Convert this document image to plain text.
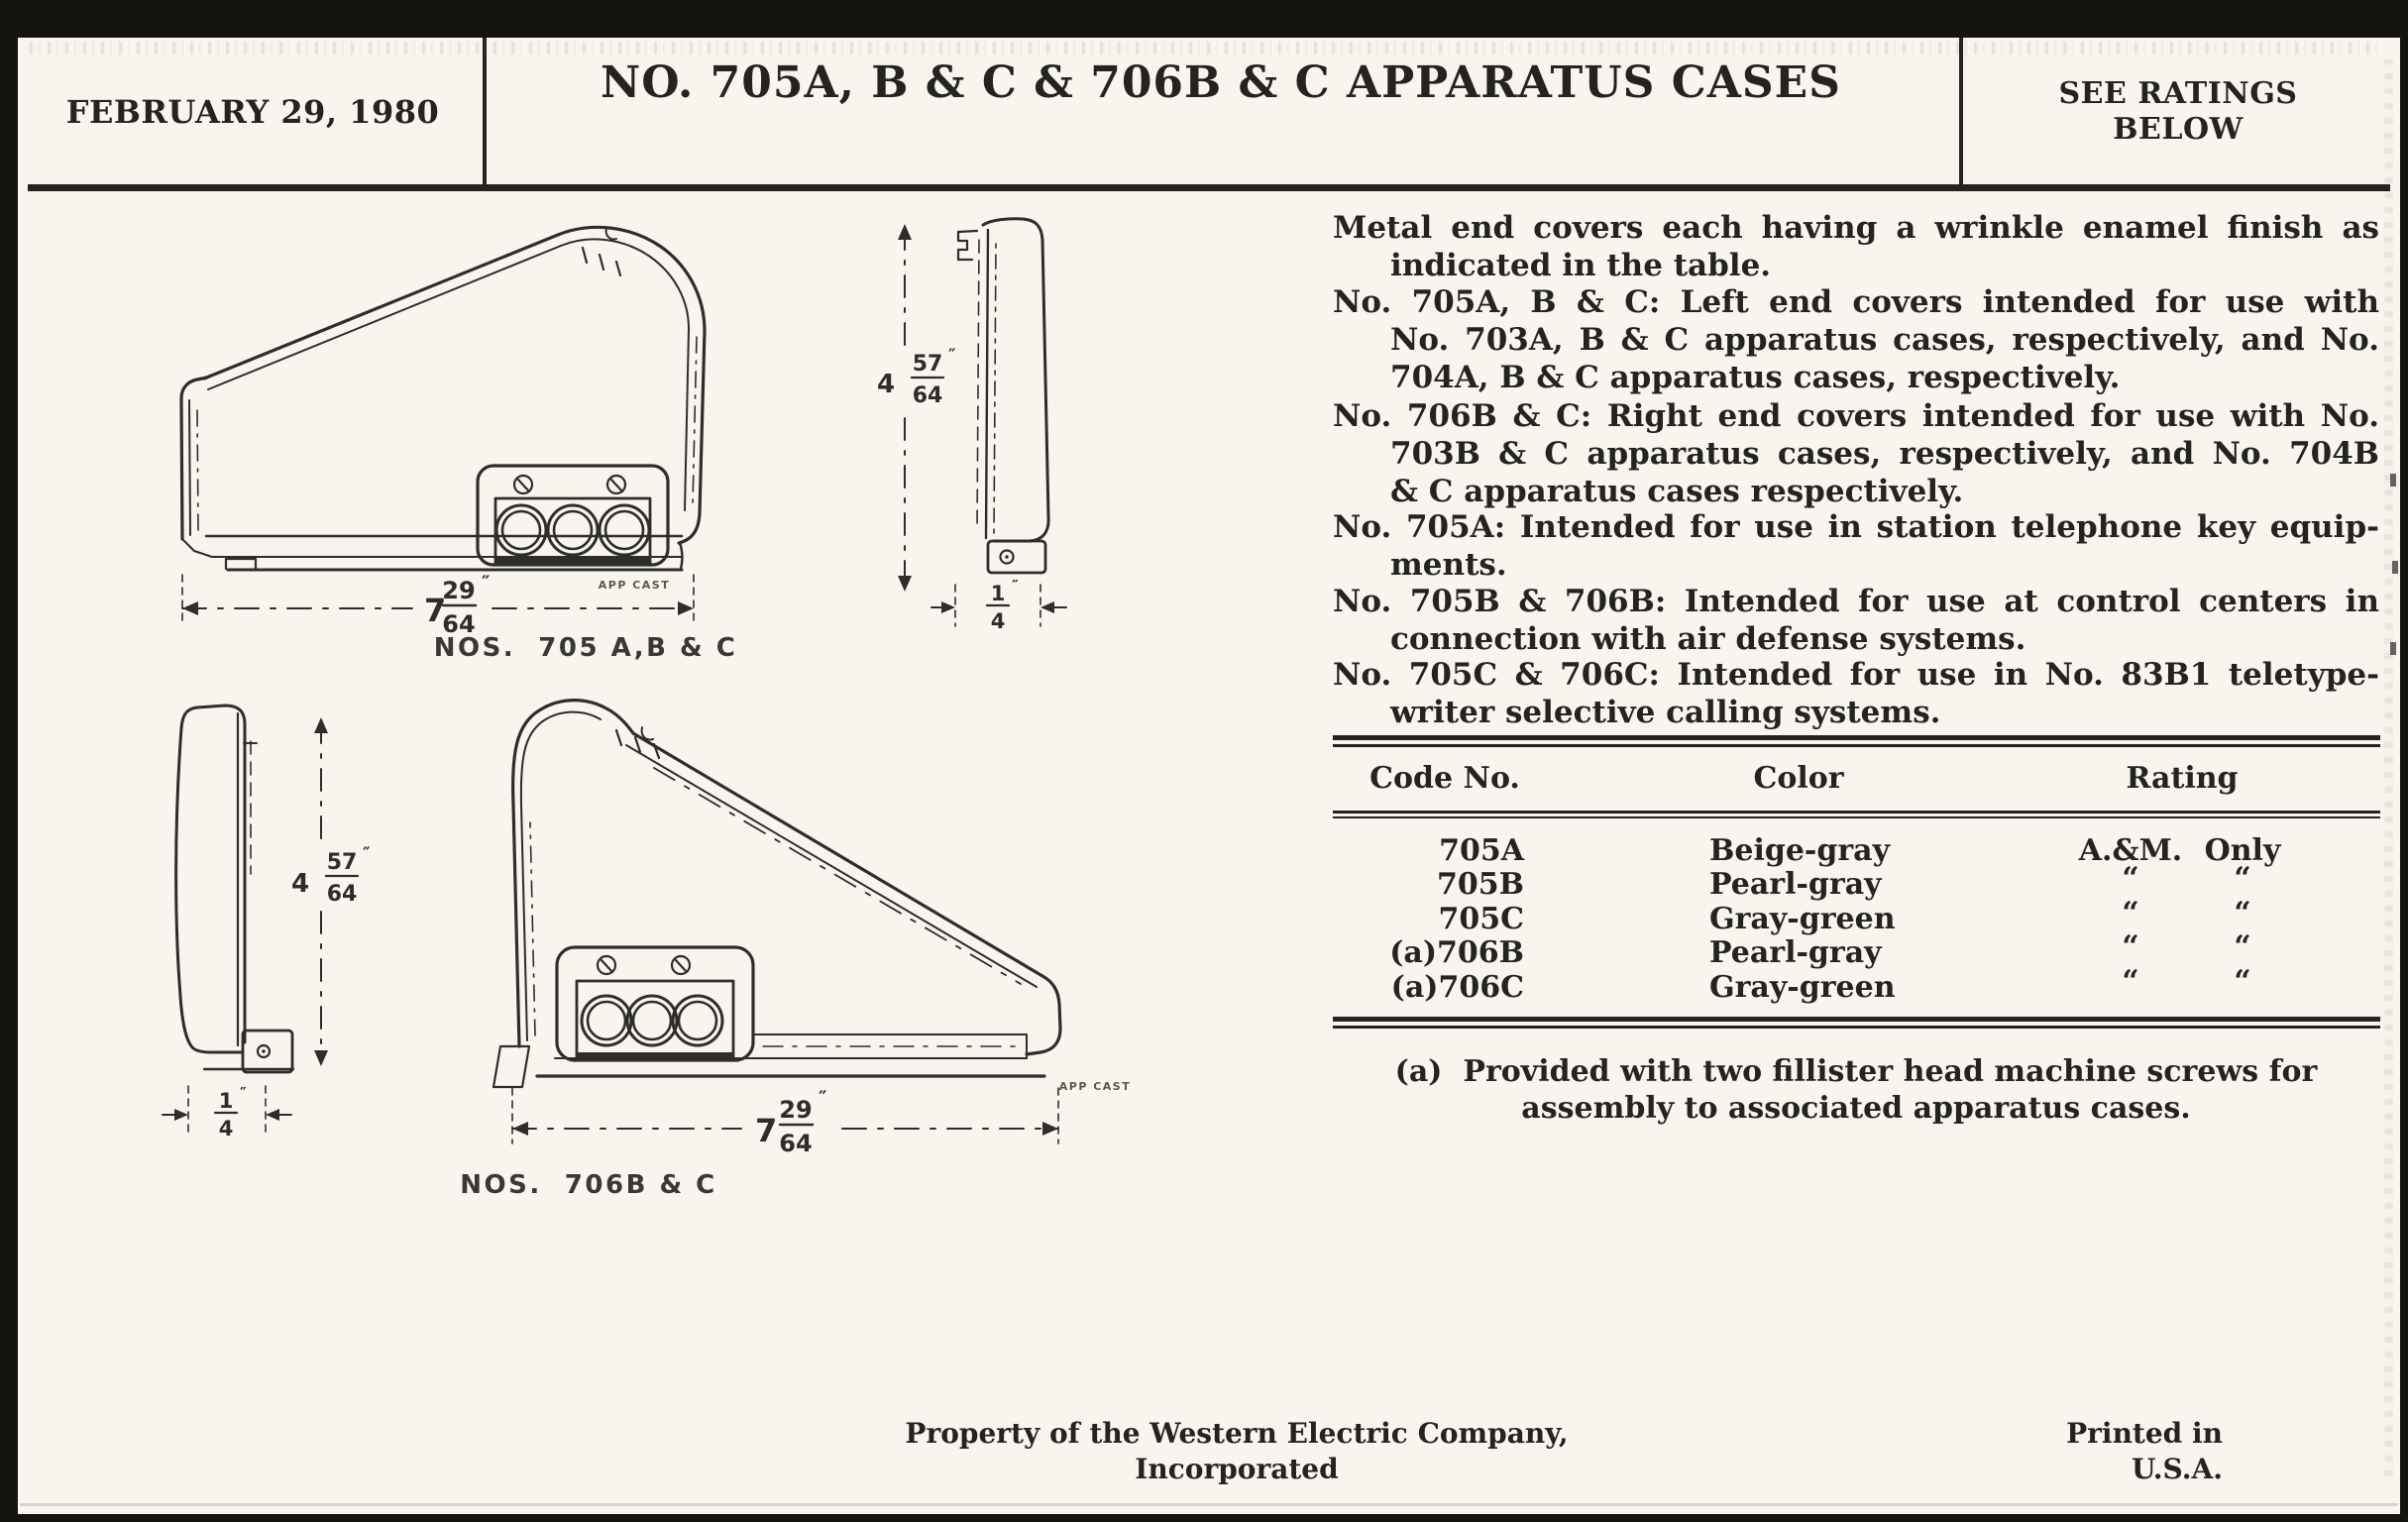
FEBRUARY 29, 1980
NO. 705A, B & C & 706B & C APPARATUS CASES	SEE RATINGS
BELOW
Metal end covers each having a wrinkle enamel finish as
indicated in the table.
No. 705A, B & C: Left end covers intended for use with
No. 703A, B & C apparatus cases, respectively, and No.
704A, B & C apparatus cases, respectively.
No. 706B & C: Right end covers intended for use with No.
703B & C apparatus cases, respectively, and No. 704B
& C apparatus cases respectively.
No. 705A: Intended for use in station telephone key equip-
ments.
No. 705B & 706B: Intended for use at control centers in
connection with air defense systems.
No. 705C & 706C: Intended for use in No. 83B1 teletype-
writer selective calling systems.
Code No.	Color	Rating
705A	Beige-gray	A.&M. Only
705B	Pearl-gray	“	“
705C	Gray-green	“	“
(a)706B	Pearl-gray	“	“
(a)706C	Gray-green	“	“
(a)  Provided with two fillister head machine screws for
assembly to associated apparatus cases.
Property of the Western Electric Company, Incorporated
Printed in U.S.A.
7
29
64
″	APP CAST
NOS.  705 A,B & C
4
57
64
″
1 ″
4
4
57
64
″
1 ″
4	7
29
64
″
APP CAST
NOS.  706B & C
